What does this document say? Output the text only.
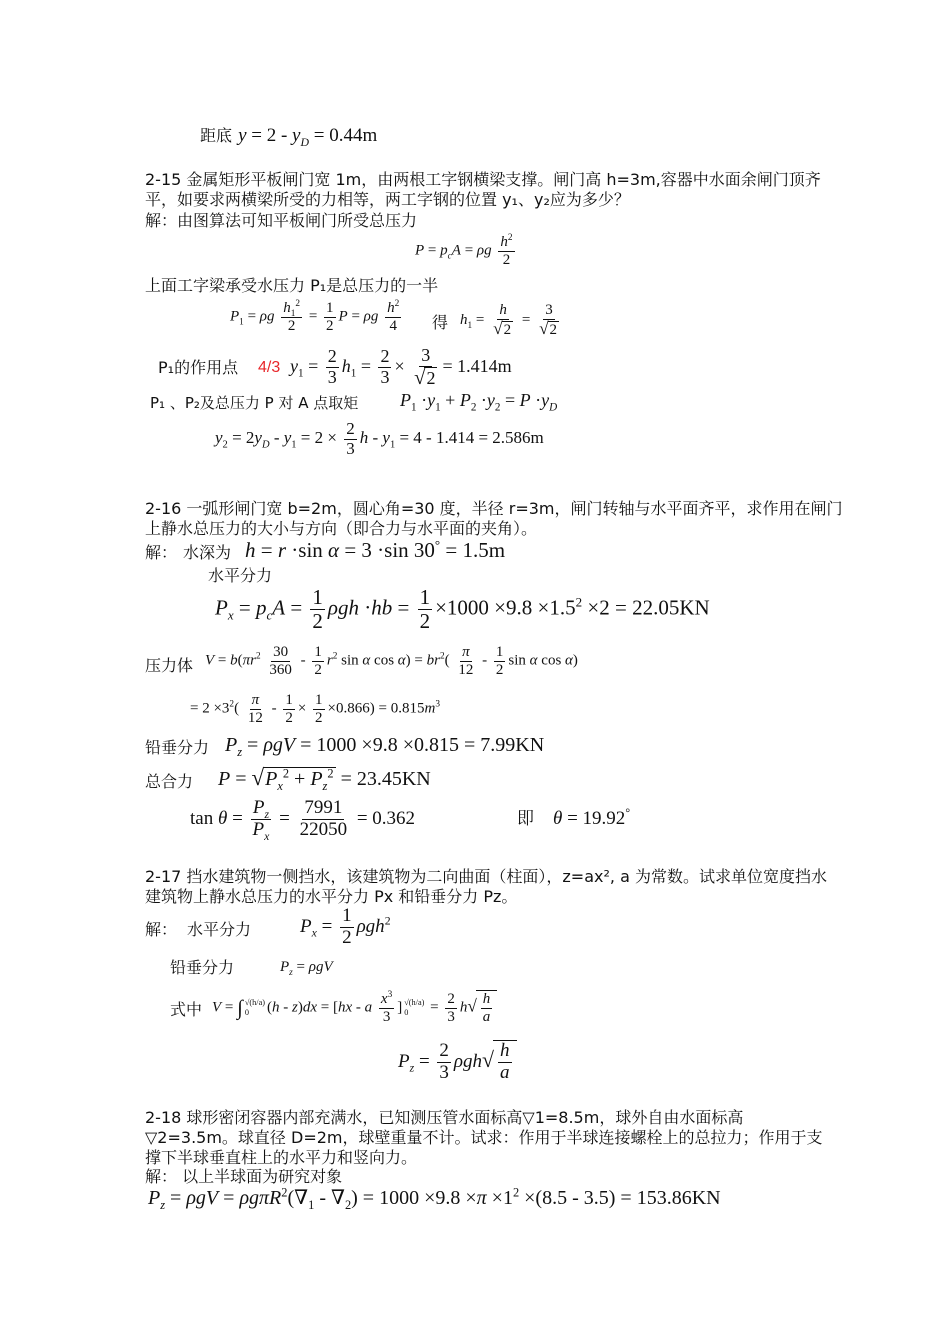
距底 $y = 2 - y_D = 0.44m$
2-15 金属矩形平板闸门宽 1m，由两根工字钢横梁支撑。闸门高 h=3m,容器中水面余闸门顶齐
平，如要求两横梁所受的力相等，两工字钢的位置 y₁、y₂应为多少？
解：由图算法可知平板闸门所受总压力
$P = p_cA = \rho g \frac{h^2}{2}$
上面工字梁承受水压力 P₁是总压力的一半
$P_1 = \rho g \frac{h_1^2}{2} = \frac{1}{2}$ P = ρg $\frac{h^2}{4}$ 得 $h_1 = \frac{h}{√2} = \frac{3}{√2}$
P₁的作用点 4/3 $y_1 = \frac{2}{3} h_1 = \frac{2}{3} \times \frac{3}{√2} = 1.414m$
P₁ 、P₂及总压力 P 对 A 点取矩 $P_1 \cdot y_1 + P_2 \cdot y_2 = P \cdot y_D$
$y_2 = 2y_D - y_1 = 2 \times \frac{2}{3}$ $h - y_1 = 4 - 1.414 = 2.586m$
2-16 一弧形闸门宽 b=2m，圆心角=30 度，半径 r=3m，闸门转轴与水平面齐平，求作用在闸门
上静水总压力的大小与方向（即合力与水平面的夹角）。
解： 水深为 h = r ·sin α = 3 ·sin 30° = 1.5m
水平分力
$P_x = p_cA = \frac{1}{2}$ $\rho gh \cdot hb = \frac{1}{2} \times 1000 \times 9.8 \times 1.5^2 \times 2 = 22.05KN$
压力体 $V = b(\pi r^2 \frac{30}{360} - \frac{1}{2} r^2$ sin α $\cos \alpha) = br^2( \frac{\pi}{12} - \frac{1}{2}$ sin α cos α)
= $2 \times 3^2( \frac{\pi}{12} - \frac{1}{2} \times \frac{1}{2} \times 0.866) = 0.815m^3$
铅垂分力 $P_z = \rho gV = 1000 \times 9.8 \times 0.815 = 7.99KN$
总合力 $P = √P_x^2 + P_z^2 = 23.45KN$
$\tan \theta = \frac{P_z}{P_x} = \frac{7991}{22050} = 0.362$	即 θ = 19.92°
2-17 挡水建筑物一侧挡水，该建筑物为二向曲面（柱面），z=ax², a 为常数。试求单位宽度挡水
建筑物上静水总压力的水平分力 Px 和铅垂分力 Pz。
解： 水平分力	$P_x = \frac{1}{2} \rho gh^2$
铅垂分力	$P_z = \rho gV$
式中 V = ∫ √(h/a)
0	(h - z)dx = [hx - a $\frac{x^3}{3}$ ] √(h/a)
0	= $\frac{2}{3} h√ \frac{h}{a}$
$P_z = \frac{2}{3} \rho gh√ \frac{h}{a}$
2-18 球形密闭容器内部充满水，已知测压管水面标高▽1=8.5m，球外自由水面标高
▽2=3.5m。球直径 D=2m，球壁重量不计。试求：作用于半球连接螺栓上的总拉力；作用于支
撑下半球垂直柱上的水平力和竖向力。
解： 以上半球面为研究对象
$P_z = \rho gV = \rho g\pi R^2(\nabla_1 - \nabla_2) = 1000 \times 9.8 \times\pi \times 1^2 \times(8.5 - 3.5) = 153.86KN$
